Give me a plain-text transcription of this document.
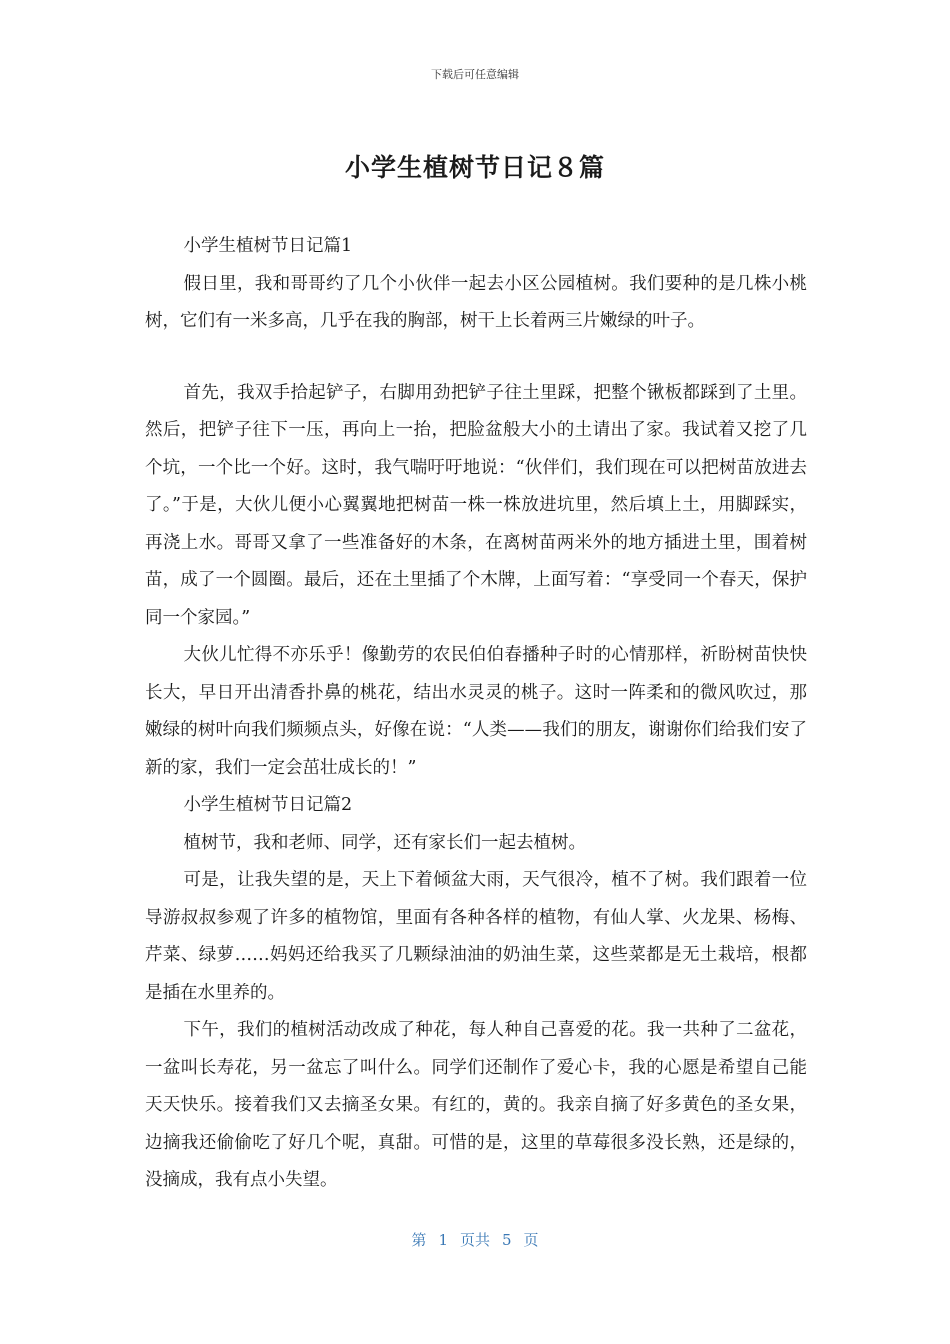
下载后可任意编辑
小学生植树节日记８篇

小学生植树节日记篇1

假日里，我和哥哥约了几个小伙伴一起去小区公园植树。我们要种的是几株小桃树，它们有一米多高，几乎在我的胸部，树干上长着两三片嫩绿的叶子。

首先，我双手拾起铲子，右脚用劲把铲子往土里踩，把整个锹板都踩到了土里。然后，把铲子往下一压，再向上一抬，把脸盆般大小的土请出了家。我试着又挖了几个坑，一个比一个好。这时，我气喘吁吁地说：“伙伴们，我们现在可以把树苗放进去了。”于是，大伙儿便小心翼翼地把树苗一株一株放进坑里，然后填上土，用脚踩实，再浇上水。哥哥又拿了一些准备好的木条，在离树苗两米外的地方插进土里，围着树苗，成了一个圆圈。最后，还在土里插了个木牌，上面写着：“享受同一个春天，保护同一个家园。”

大伙儿忙得不亦乐乎！像勤劳的农民伯伯春播种子时的心情那样，祈盼树苗快快长大，早日开出清香扑鼻的桃花，结出水灵灵的桃子。这时一阵柔和的微风吹过，那嫩绿的树叶向我们频频点头，好像在说：“人类——我们的朋友，谢谢你们给我们安了新的家，我们一定会茁壮成长的！”

小学生植树节日记篇2

植树节，我和老师、同学，还有家长们一起去植树。

可是，让我失望的是，天上下着倾盆大雨，天气很冷，植不了树。我们跟着一位导游叔叔参观了许多的植物馆，里面有各种各样的植物，有仙人掌、火龙果、杨梅、芹菜、绿萝……妈妈还给我买了几颗绿油油的奶油生菜，这些菜都是无土栽培，根都是插在水里养的。

下午，我们的植树活动改成了种花，每人种自己喜爱的花。我一共种了二盆花，一盆叫长寿花，另一盆忘了叫什么。同学们还制作了爱心卡，我的心愿是希望自己能天天快乐。接着我们又去摘圣女果。有红的，黄的。我亲自摘了好多黄色的圣女果，边摘我还偷偷吃了好几个呢，真甜。可惜的是，这里的草莓很多没长熟，还是绿的，没摘成，我有点小失望。

第 1 页共 5 页
